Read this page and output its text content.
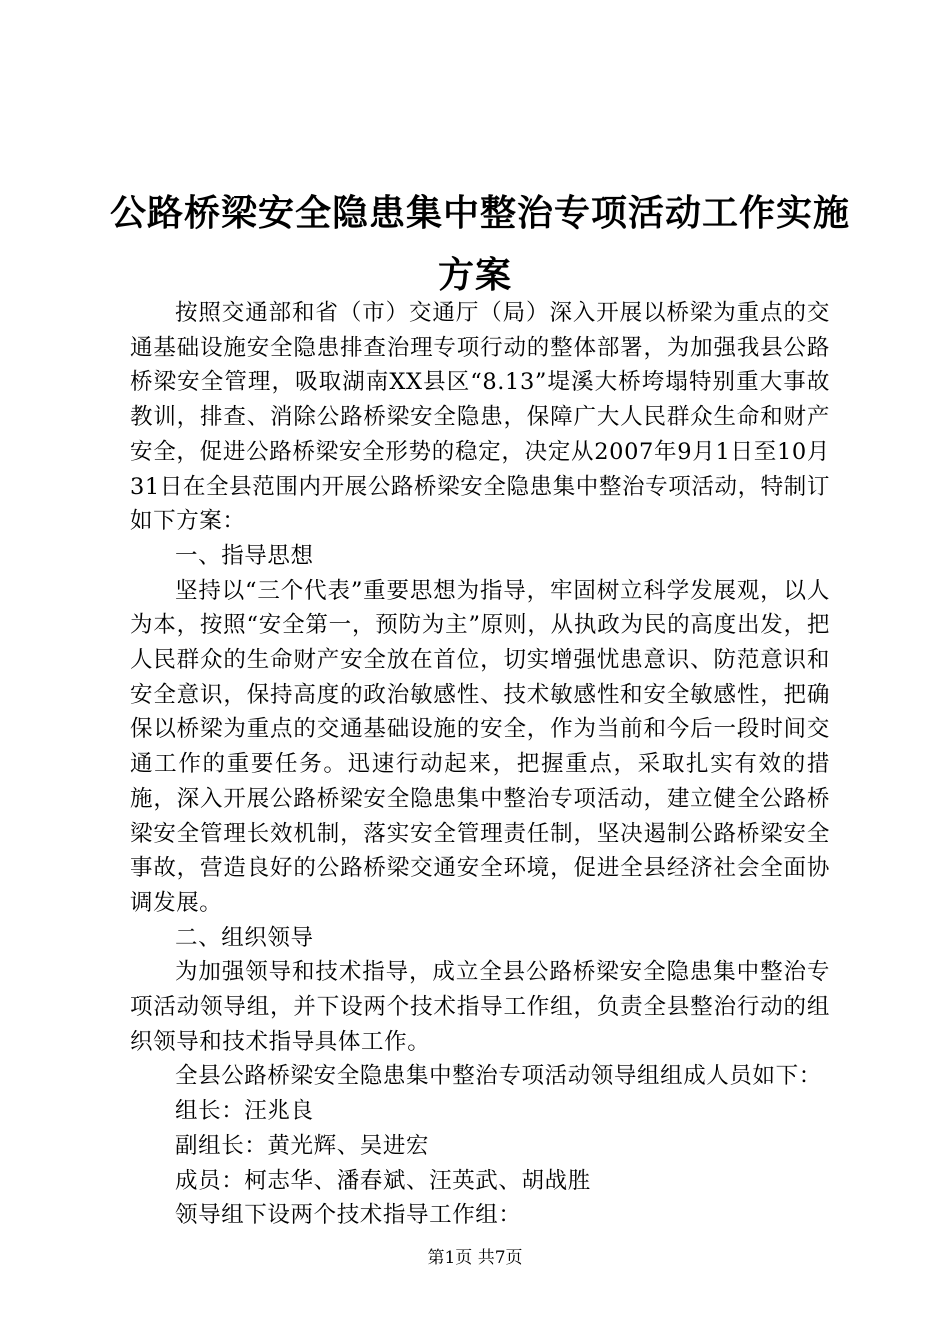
公路桥梁安全隐患集中整治专项活动工作实施
方案

按照交通部和省（市）交通厅（局）深入开展以桥梁为重点的交通基础设施安全隐患排查治理专项行动的整体部署，为加强我县公路桥梁安全管理，吸取湖南XX县区“8.13”堤溪大桥垮塌特别重大事故教训，排查、消除公路桥梁安全隐患，保障广大人民群众生命和财产安全，促进公路桥梁安全形势的稳定，决定从2007年9月1日至10月31日在全县范围内开展公路桥梁安全隐患集中整治专项活动，特制订如下方案：

一、指导思想

坚持以“三个代表”重要思想为指导，牢固树立科学发展观，以人为本，按照“安全第一，预防为主”原则，从执政为民的高度出发，把人民群众的生命财产安全放在首位，切实增强忧患意识、防范意识和安全意识，保持高度的政治敏感性、技术敏感性和安全敏感性，把确保以桥梁为重点的交通基础设施的安全，作为当前和今后一段时间交通工作的重要任务。迅速行动起来，把握重点，采取扎实有效的措施，深入开展公路桥梁安全隐患集中整治专项活动，建立健全公路桥梁安全管理长效机制，落实安全管理责任制，坚决遏制公路桥梁安全事故，营造良好的公路桥梁交通安全环境，促进全县经济社会全面协调发展。

二、组织领导

为加强领导和技术指导，成立全县公路桥梁安全隐患集中整治专项活动领导组，并下设两个技术指导工作组，负责全县整治行动的组织领导和技术指导具体工作。

全县公路桥梁安全隐患集中整治专项活动领导组组成人员如下：

组长：汪兆良

副组长：黄光辉、吴进宏

成员：柯志华、潘春斌、汪英武、胡战胜

领导组下设两个技术指导工作组：

第1页 共7页
